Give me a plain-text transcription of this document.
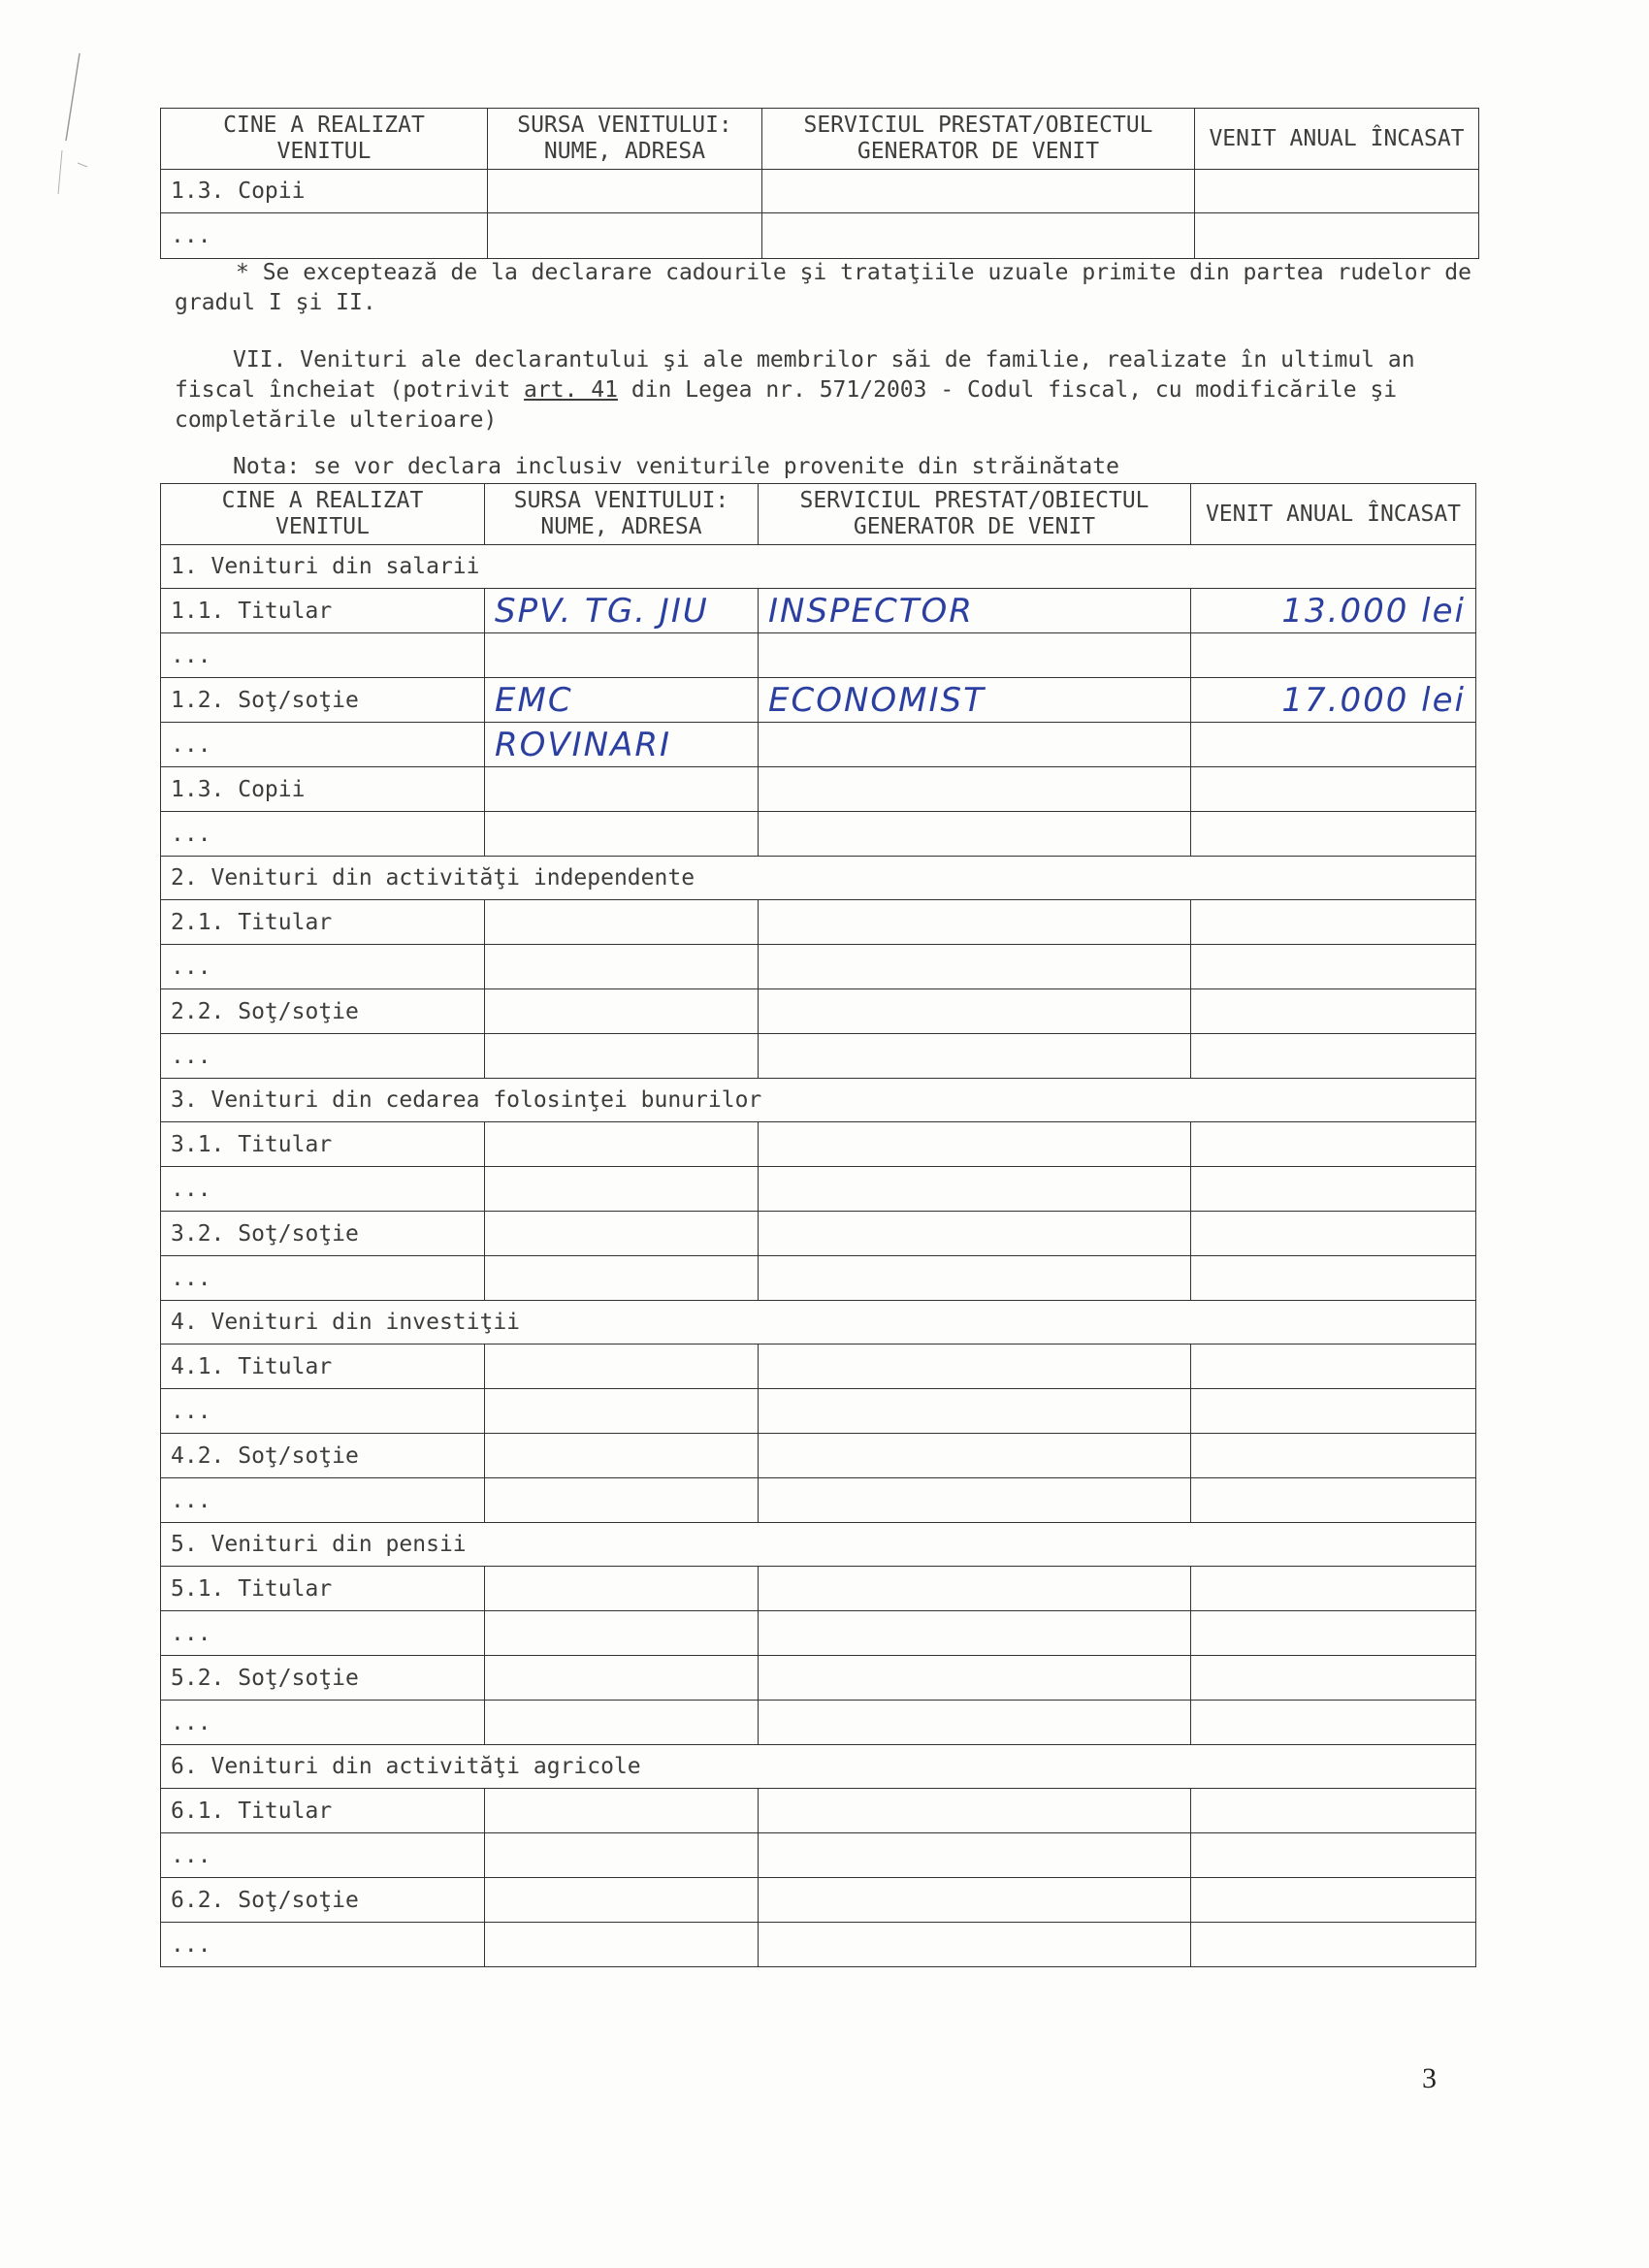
CINE A REALIZAT VENITUL	SURSA VENITULUI: NUME, ADRESA	SERVICIUL PRESTAT/OBIECTUL GENERATOR DE VENIT	VENIT ANUAL ÎNCASAT
1.3. Copii			
...			
* Se exceptează de la declarare cadourile şi trataţiile uzuale primite din partea rudelor de gradul I şi II.
VII. Venituri ale declarantului şi ale membrilor săi de familie, realizate în ultimul an fiscal încheiat (potrivit art. 41 din Legea nr. 571/2003 - Codul fiscal, cu modificările şi completările ulterioare)
Nota: se vor declara inclusiv veniturile provenite din străinătate
CINE A REALIZAT VENITUL	SURSA VENITULUI: NUME, ADRESA	SERVICIUL PRESTAT/OBIECTUL GENERATOR DE VENIT	VENIT ANUAL ÎNCASAT
1. Venituri din salarii			
1.1. Titular	SPV. TG. JIU	INSPECTOR	13.000 lei
...			
1.2. Soţ/soţie	EMC	ECONOMIST	17.000 lei
...	ROVINARI		
1.3. Copii			
...			
2. Venituri din activităţi independente			
2.1. Titular			
...			
2.2. Soţ/soţie			
...			
3. Venituri din cedarea folosinţei bunurilor			
3.1. Titular			
...			
3.2. Soţ/soţie			
...			
4. Venituri din investiţii			
4.1. Titular			
...			
4.2. Soţ/soţie			
...			
5. Venituri din pensii			
5.1. Titular			
...			
5.2. Soţ/soţie			
...			
6. Venituri din activităţi agricole			
6.1. Titular			
...			
6.2. Soţ/soţie			
...			
3
